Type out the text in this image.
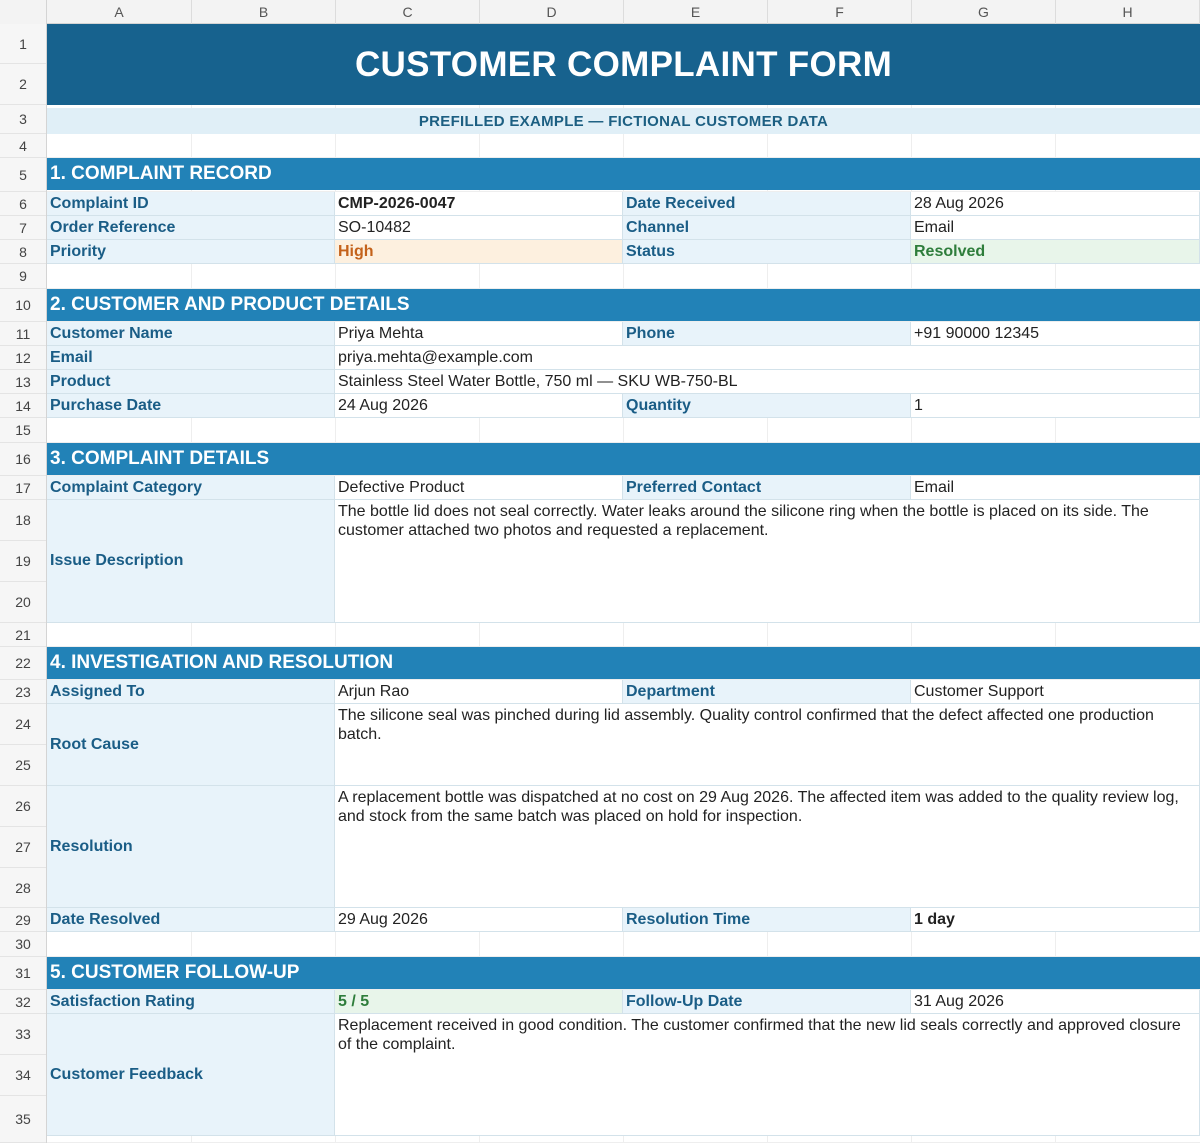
A	B	C	D	E	F	G	H
1
2
3
4
5
6
7
8
9
10
11
12
13
14
15
16
17
18
19
20
21
22
23
24
25
26
27
28
29
30
31
32
33
34
35
CUSTOMER COMPLAINT FORM
PREFILLED EXAMPLE — FICTIONAL CUSTOMER DATA
1. COMPLAINT RECORD
Complaint ID	CMP-2026-0047	Date Received	28 Aug 2026
Order Reference	SO-10482	Channel	Email
Priority	High	Status	Resolved
2. CUSTOMER AND PRODUCT DETAILS
Customer Name	Priya Mehta	Phone	+91 90000 12345
Email	priya.mehta@example.com
Product	Stainless Steel Water Bottle, 750 ml — SKU WB-750-BL
Purchase Date	24 Aug 2026	Quantity	1
3. COMPLAINT DETAILS
Complaint Category	Defective Product	Preferred Contact	Email
Issue Description
The bottle lid does not seal correctly. Water leaks around the silicone ring when the bottle is placed on its side. The customer attached two photos and requested a replacement.
4. INVESTIGATION AND RESOLUTION
Assigned To	Arjun Rao	Department	Customer Support
Root Cause
The silicone seal was pinched during lid assembly. Quality control confirmed that the defect affected one production batch.
Resolution
A replacement bottle was dispatched at no cost on 29 Aug 2026. The affected item was added to the quality review log, and stock from the same batch was placed on hold for inspection.
Date Resolved	29 Aug 2026	Resolution Time	1 day
5. CUSTOMER FOLLOW-UP
Satisfaction Rating	5 / 5	Follow-Up Date	31 Aug 2026
Customer Feedback
Replacement received in good condition. The customer confirmed that the new lid seals correctly and approved closure of the complaint.
